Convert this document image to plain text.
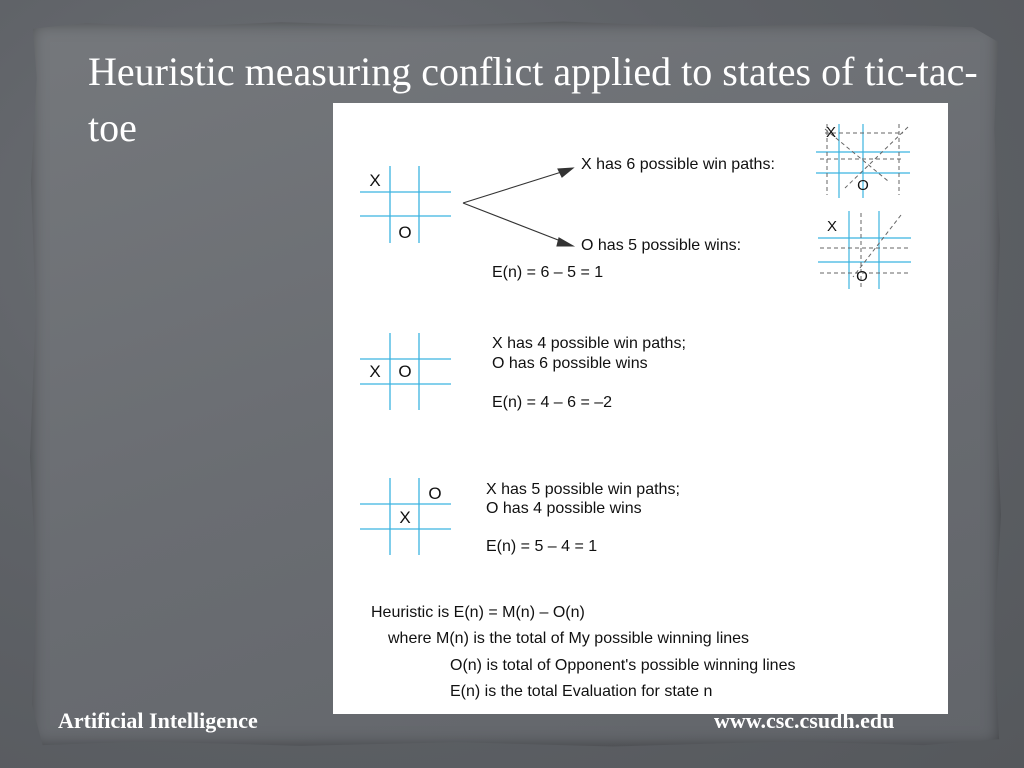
Heuristic measuring conflict applied to states of tic-tac-toe
X
O
X
O
X
O
X has 6 possible win paths:
O has 5 possible wins:
E(n) = 6 – 5 = 1
X O
X has 4 possible win paths;
O has 6 possible wins
E(n) = 4 – 6 = –2
O
X
X has 5 possible win paths;
O has 4 possible wins
E(n) = 5 – 4 = 1
Heuristic is E(n) = M(n) – O(n)
where M(n) is the total of My possible winning lines
O(n) is total of Opponent's possible winning lines
E(n) is the total Evaluation for state n
Artificial Intelligence	www.csc.csudh.edu
